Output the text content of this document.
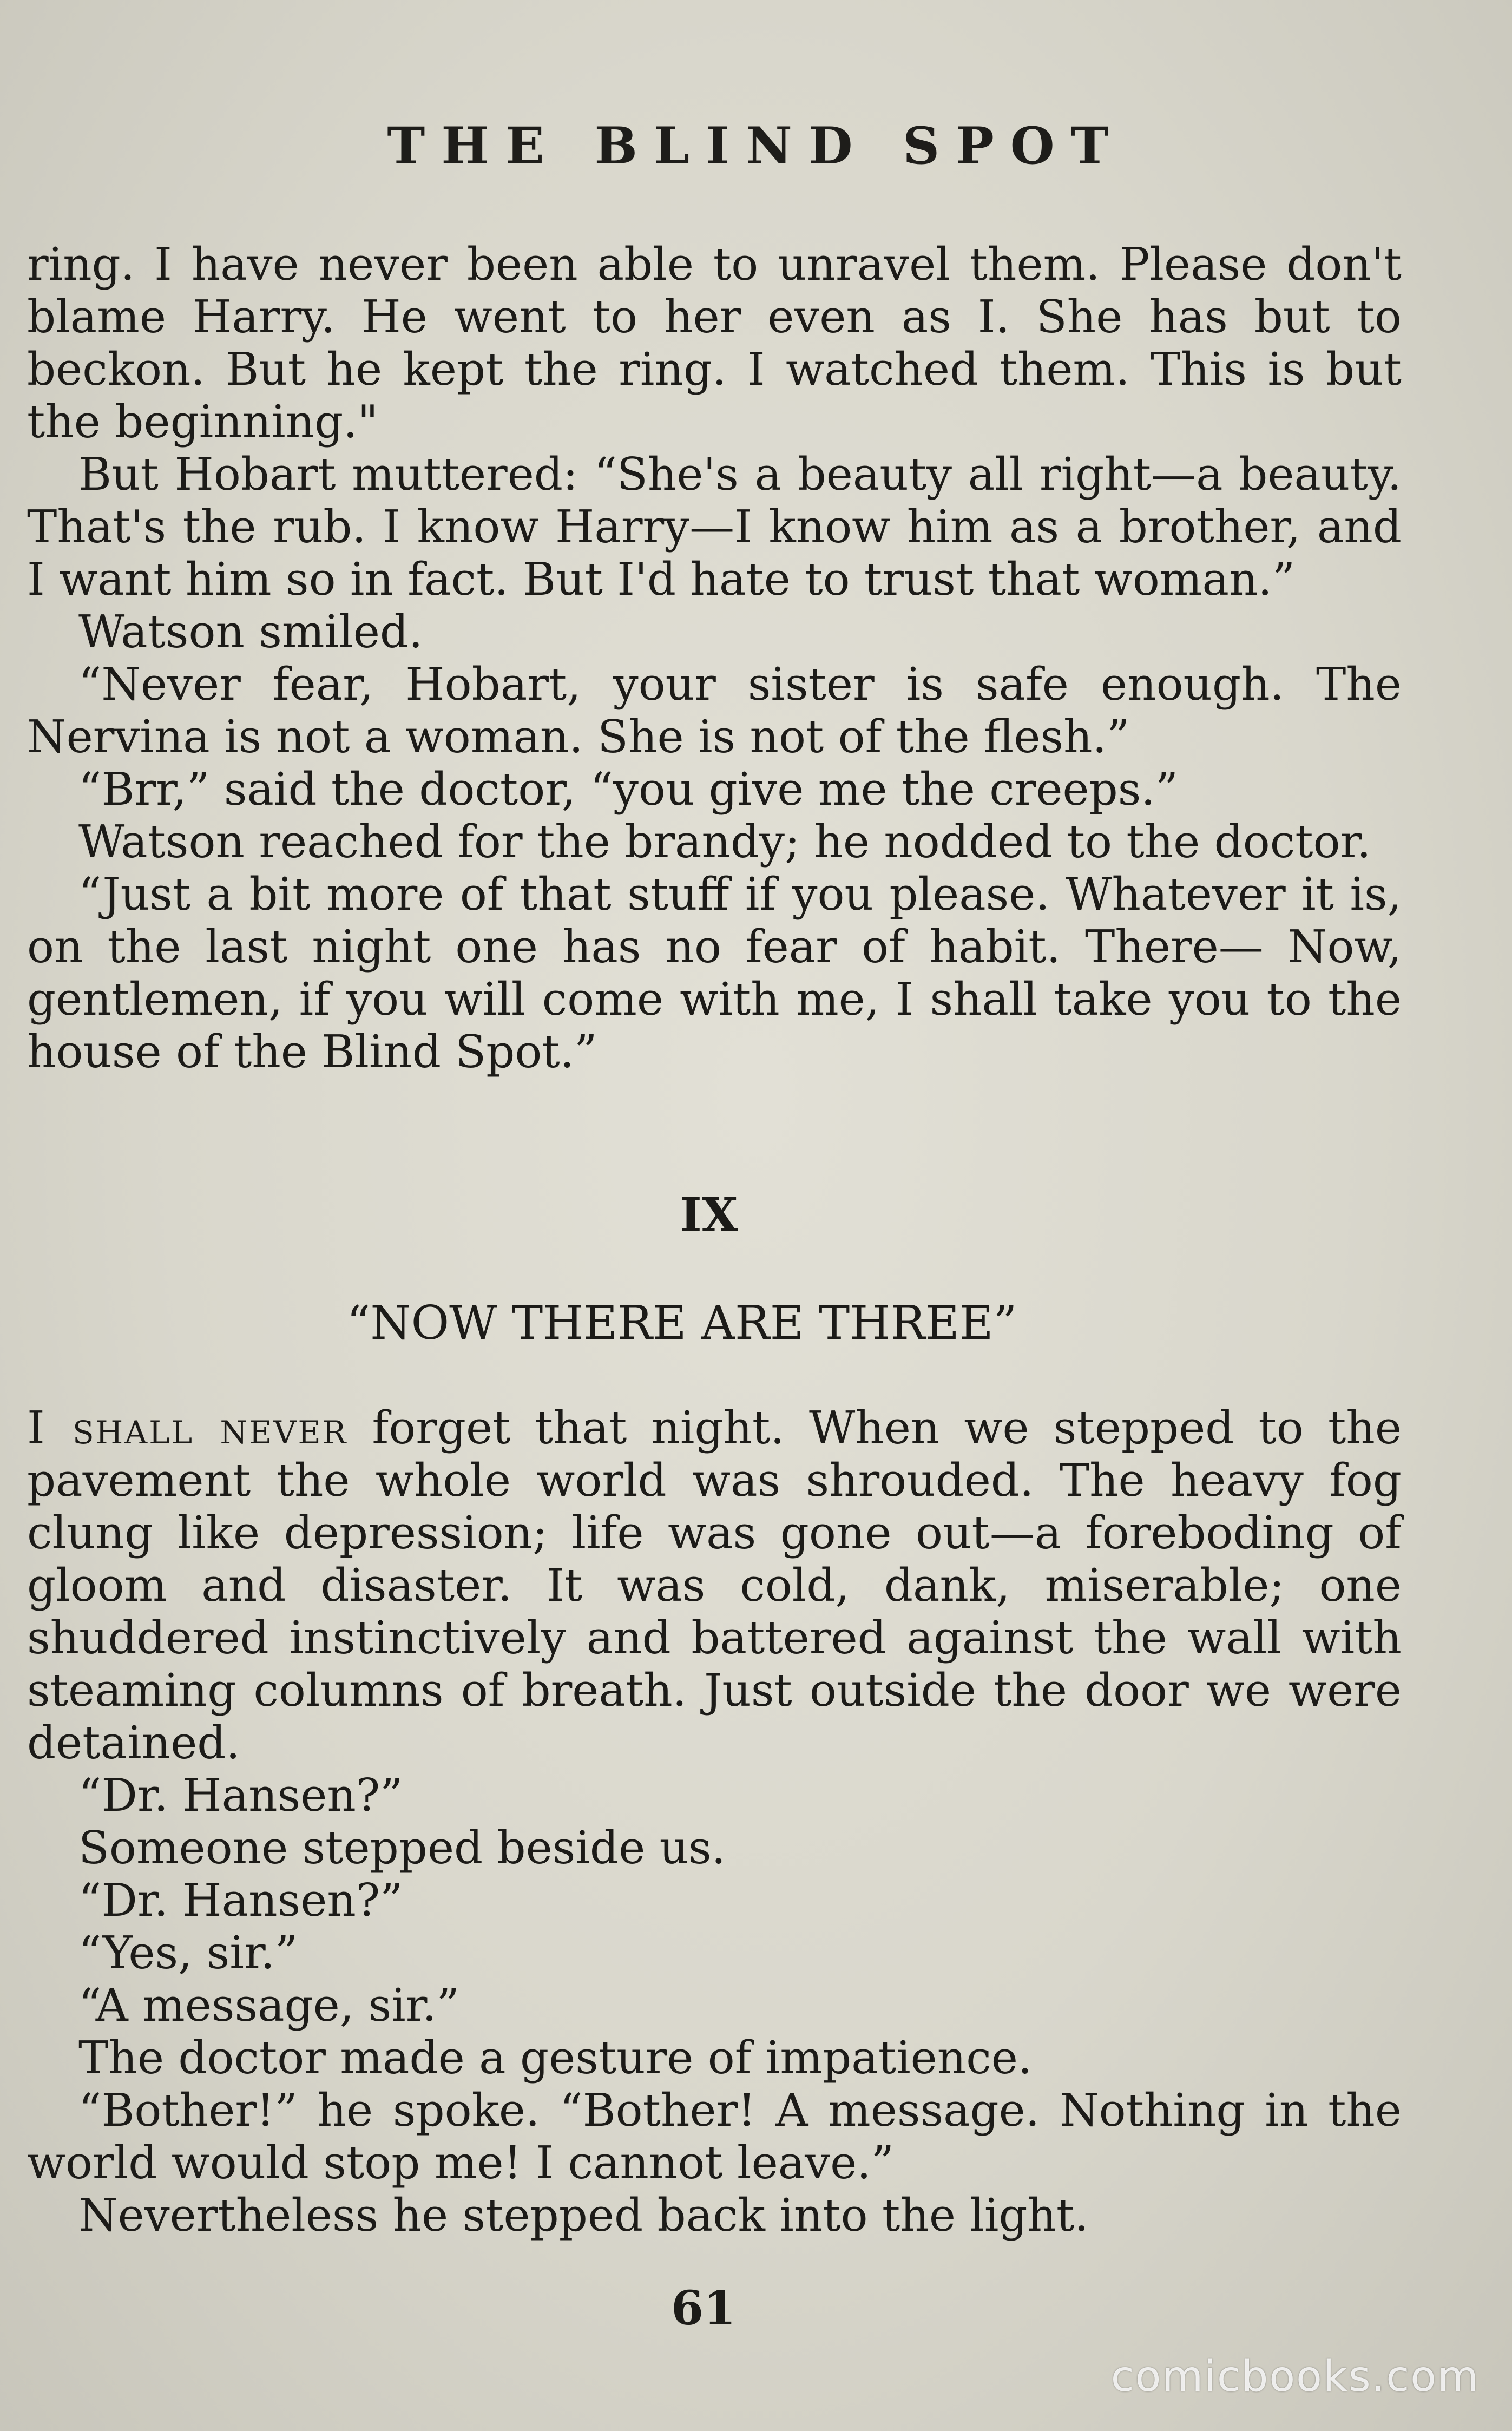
THE BLIND SPOT

ring. I have never been able to unravel them. Please don't blame Harry. He went to her even as I. She has but to beckon. But he kept the ring. I watched them. This is but the beginning."

But Hobart muttered: “She's a beauty all right—a beauty. That's the rub. I know Harry—I know him as a brother, and I want him so in fact. But I'd hate to trust that woman.”

Watson smiled.

“Never fear, Hobart, your sister is safe enough. The Nervina is not a woman. She is not of the flesh.”

“Brr,” said the doctor, “you give me the creeps.”

Watson reached for the brandy; he nodded to the doctor.

“Just a bit more of that stuff if you please. Whatever it is, on the last night one has no fear of habit. There— Now, gentlemen, if you will come with me, I shall take you to the house of the Blind Spot.”

IX
“NOW THERE ARE THREE”

I shall never forget that night. When we stepped to the pavement the whole world was shrouded. The heavy fog clung like depression; life was gone out—a foreboding of gloom and disaster. It was cold, dank, miserable; one shuddered instinctively and battered against the wall with steaming columns of breath. Just outside the door we were detained.

“Dr. Hansen?”

Someone stepped beside us.

“Dr. Hansen?”

“Yes, sir.”

“A message, sir.”

The doctor made a gesture of impatience.

“Bother!” he spoke. “Bother! A message. Nothing in the world would stop me! I cannot leave.”

Nevertheless he stepped back into the light.

61
comicbooks.com
